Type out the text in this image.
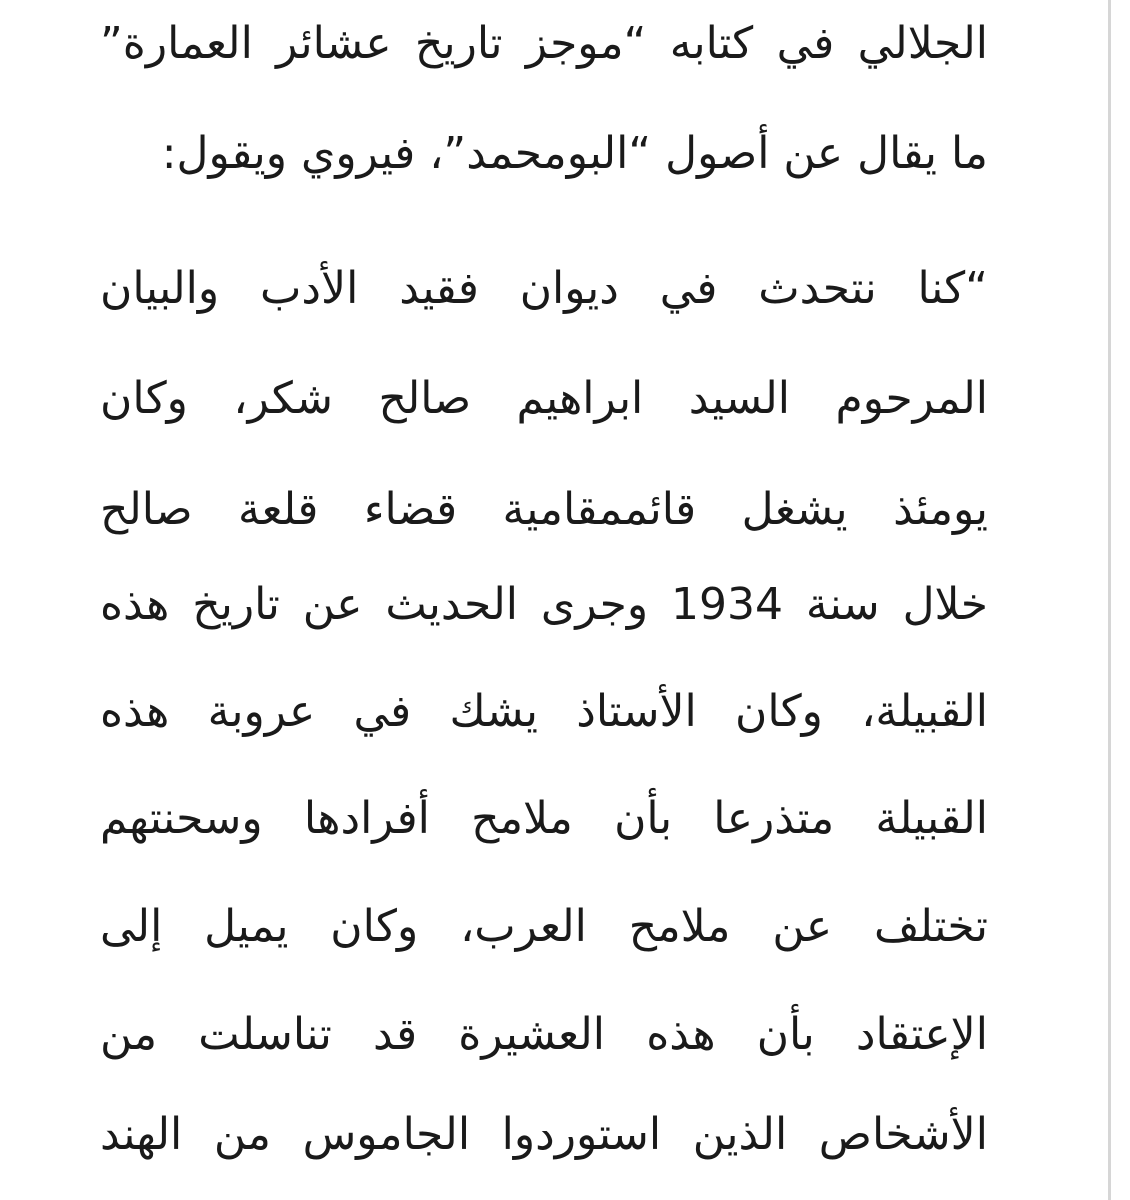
الجلالي في كتابه “موجز تاريخ عشائر العمارة”
ما يقال عن أصول “البومحمد”، فيروي ويقول:
“كنا نتحدث في ديوان فقيد الأدب والبيان
المرحوم السيد ابراهيم صالح شكر، وكان
يومئذ يشغل قائممقامية قضاء قلعة صالح
خلال سنة 1934 وجرى الحديث عن تاريخ هذه
القبيلة، وكان الأستاذ يشك في عروبة هذه
القبيلة متذرعا بأن ملامح أفرادها وسحنتهم
تختلف عن ملامح العرب، وكان يميل إلى
الإعتقاد بأن هذه العشيرة قد تناسلت من
الأشخاص الذين استوردوا الجاموس من الهند
